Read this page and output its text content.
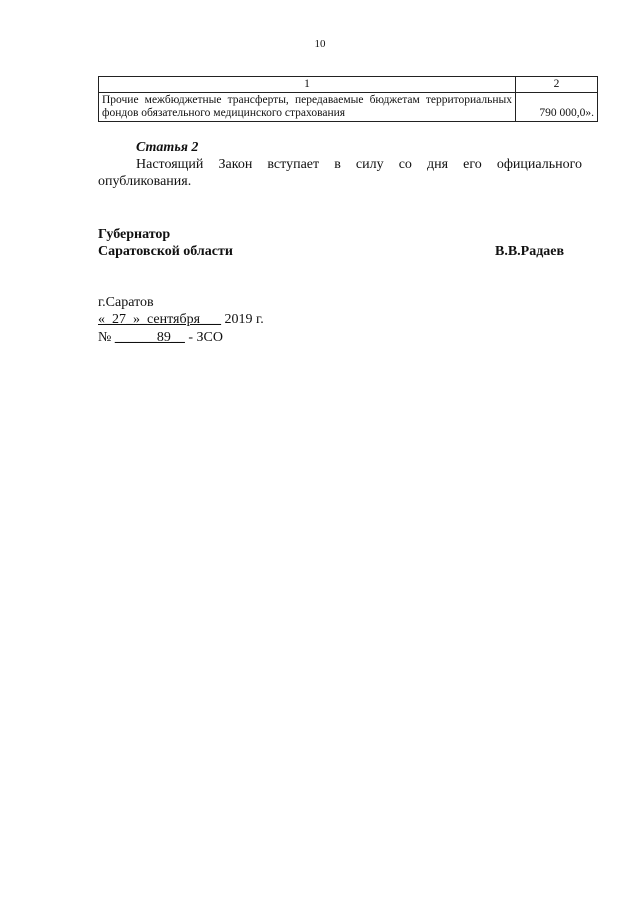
10
1	2
Прочие межбюджетные трансферты, передаваемые бюджетам территориальных фондов обязательного медицинского страхования	790 000,0».
Статья 2
Настоящий Закон вступает в силу со дня его официального опубликования.
Губернатор
Саратовской области	В.В.Радаев
г.Саратов
«_27_»_сентября___ 2019 г.
№ ______89__ - ЗСО
